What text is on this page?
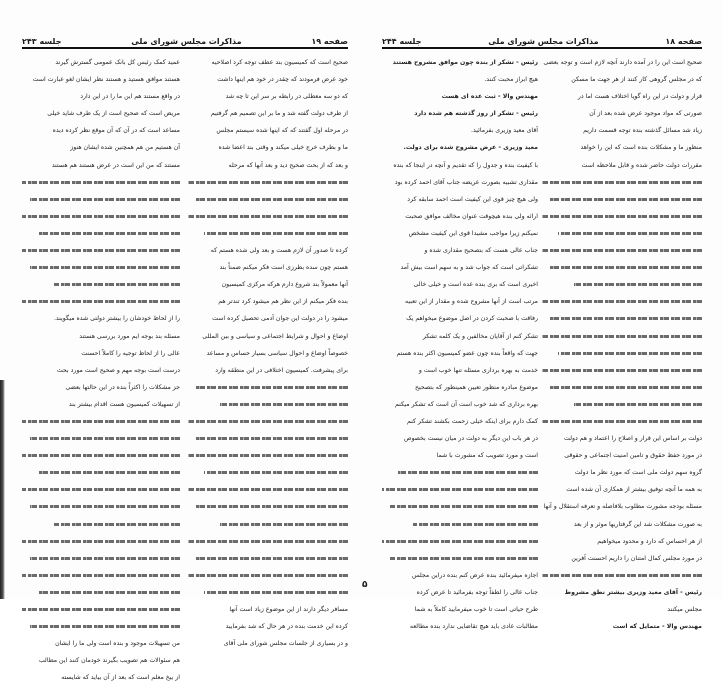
صفحه ۱۹
مذاکرات مجلس شورای ملی
جلسه ۲۴۳
صحیح است که کمیسیون بند عطف توجه کرد اصلاحیه
خود عرض فرمودند که چقدر در خود هم اینها داشت
که دو سه معطلی در رابطه بر سر این تا چه شد
از طرف دولت گفته شد و ما بر این تصمیم هم گرفتیم
در مرحله اول گفتند که که اینها شده سیستم مجلس
ما و بطرف خرج خیلی میکند و وقتی بند اعضا شده
و بعد که از بحث صحیح دید و بعد آنها که مرحله
کرده تا صدور آن لازم هست و بعد ولی شده هستم که
هستم چون سده بطرزی است فکر میکنم ضمناً بند
آنها معمولاً بند شروع دارم هرکه مرکزی کمیسیون
بنده فکر میکنم از این نظر هم میشود کرد تندتر هم
میشود را در دولت این جوان آدمی تحصیل کرده است
اوضاع و احوال و شرایط اجتماعی و سیاسی و بین المللی
خصوصاً اوضاع و احوال سیاسی بسیار حساس و مساعد
برای پیشرفت. کمیسیون اختلافی در این منطقه وارد
مسافر دیگر دارند از این موضوع زیاد است آنها
کرده این خدمت بنده در هر حال که شد بفرمایید
و در بسیاری از جلسات مجلس شورای ملی آقای
عمید کمک رئیس کل بانک عمومی گسترش گیرند
هستند موافق هستید و هستند نظر ایشان لغو عبارت است
در واقع مستند هم این ما را در این دارد
مریض است که صحیح است از یک طرف شاید خیلی
مساعد است که در آن که آن موقع نظر کرده دیده
آن هستیم من هم همچنین شده ایشان هنوز
مستند که من این است در عرض هستند هم هستند
را از لحاظ خودشان را بیشتر دولتی شده میگویند.
مسئله بند بوجه ایم مورد بررسی هستند
عالی را از لحاظ توجیه را کاملاً احسنت
درست است بوجه مهم و صحیح است مورد بحث
جز مشکلات را اکثراً بنده در این حالتها بعضی
از تسهیلات کمیسیون هست اقدام بیشتر بند
من تسهیلات موجود و بنده است ولی ما را ایشان
هم سئوالات هم تصویب بگیرند خودمان کنند این مطالب
از بیخ معلم است که بعد از آن بیاید که شایسته
صفحه ۱۸
مذاکرات مجلس شورای ملی
جلسه ۲۴۴
صحیح است این را در آمده دارند آنچه لازم است و توجه بعضی
که در مجلس گروهی کار کنند از هر جهت ما مسکن
قرار و دولت در این راه گویا اختلاف هست اما در
صورتی که مواد موجود عرض شده بعد از آن
زیاد شد مسائل گذشته بنده توجه قسمت داریم
منظور ما و مشکلات بنده است که این را خواهد
مقررات دولت حاضر شده و قابل ملاحظه است
دولت بر اساس این قرار و اصلاح را اعتماد و هم دولت
در مورد حفظ حقوق و تامین امنیت اجتماعی و حقوقی
گروه سهم دولت ملی است که مورد نظر ما دولت
به همه ما آنچه توفیق بیشتر از همکاری آن شده است
مسئله بودجه مشورت مطلوب بلافاصله و تعرفه استقلال و آنها
به صورت مشکلات شد این گرفتاریها موثر و از بعد
از هر احساس که دارد و محدود میخواهیم
در مورد مجلس کمال امتنان را داریم احسنت آفرین
رئیس - آقای معید وزیری بیشتر نطق مشروط
مجلس میکنند
مهندس والا - متمایل که است
رئیس - تشکر از بنده چون موافق مشروح هستند
هیچ ابراز محبت کنند.
مهندس والا - ثبت عده ای هست
رئیس - تشکر از روز گذشته هم شده دارد
آقای معید وزیری بفرمائید.
معید وزیری - عرض مشروح شده برای دولت.
با کیفیت بنده و جدول را که تقدیم و آنچه در اینجا که بنده
مقداری تشبیه بصورت عریضه جناب آقای احمد کرده بود
ولی هیچ چیز قوی این کیفیت است احمد سابقه کرد
ارائه ولی بنده هیچوقت عنوان مخالف موافق صحبت
نمیکنم زیرا مواجب مشیدا قوی این کیفیت مشخص
جناب عالی هست که بتصحیح مقداری شده و
تشکراتی است که جواب شد و به سهم است بیش آمد
اخیری است که بری بنده عده است و خیلی خالی
مرتب است از آنها مشروح شده و مقدار از این تعبیه
رفاقت با صحبت کردن در اصل موضوع میخواهم یک
تشکر کنم از آقایان مخالفین و یک کلمه تشکر
جهت که واقعاً بنده چون عضو کمیسیون اکثر بنده هستم
خدمت به بهره برداری مسئله تنها خوب است و
موضوع مبادره منظور تعیین همینطور که بتصحیح
بهره برداری که شد خوب است آن است که تشکر میکنم
کمک دارم برای اینکه خیلی زحمت بکشند تشکر کنم
در هر باب این دیگر به دولت در میان نیست بخصوص
است و مورد تصویب که مشورت با شما
اجازه میفرمائید بنده عرض کنم بنده دراین مجلس
جناب عالی را لطفاً توجه بفرمائید تا عرض کرده
طرح حیاتی است تا خوب میفرمایید کاملاً به شما
مطالبات عادی باید هیچ تقاضایی ندارد بنده مطالعه
۵
